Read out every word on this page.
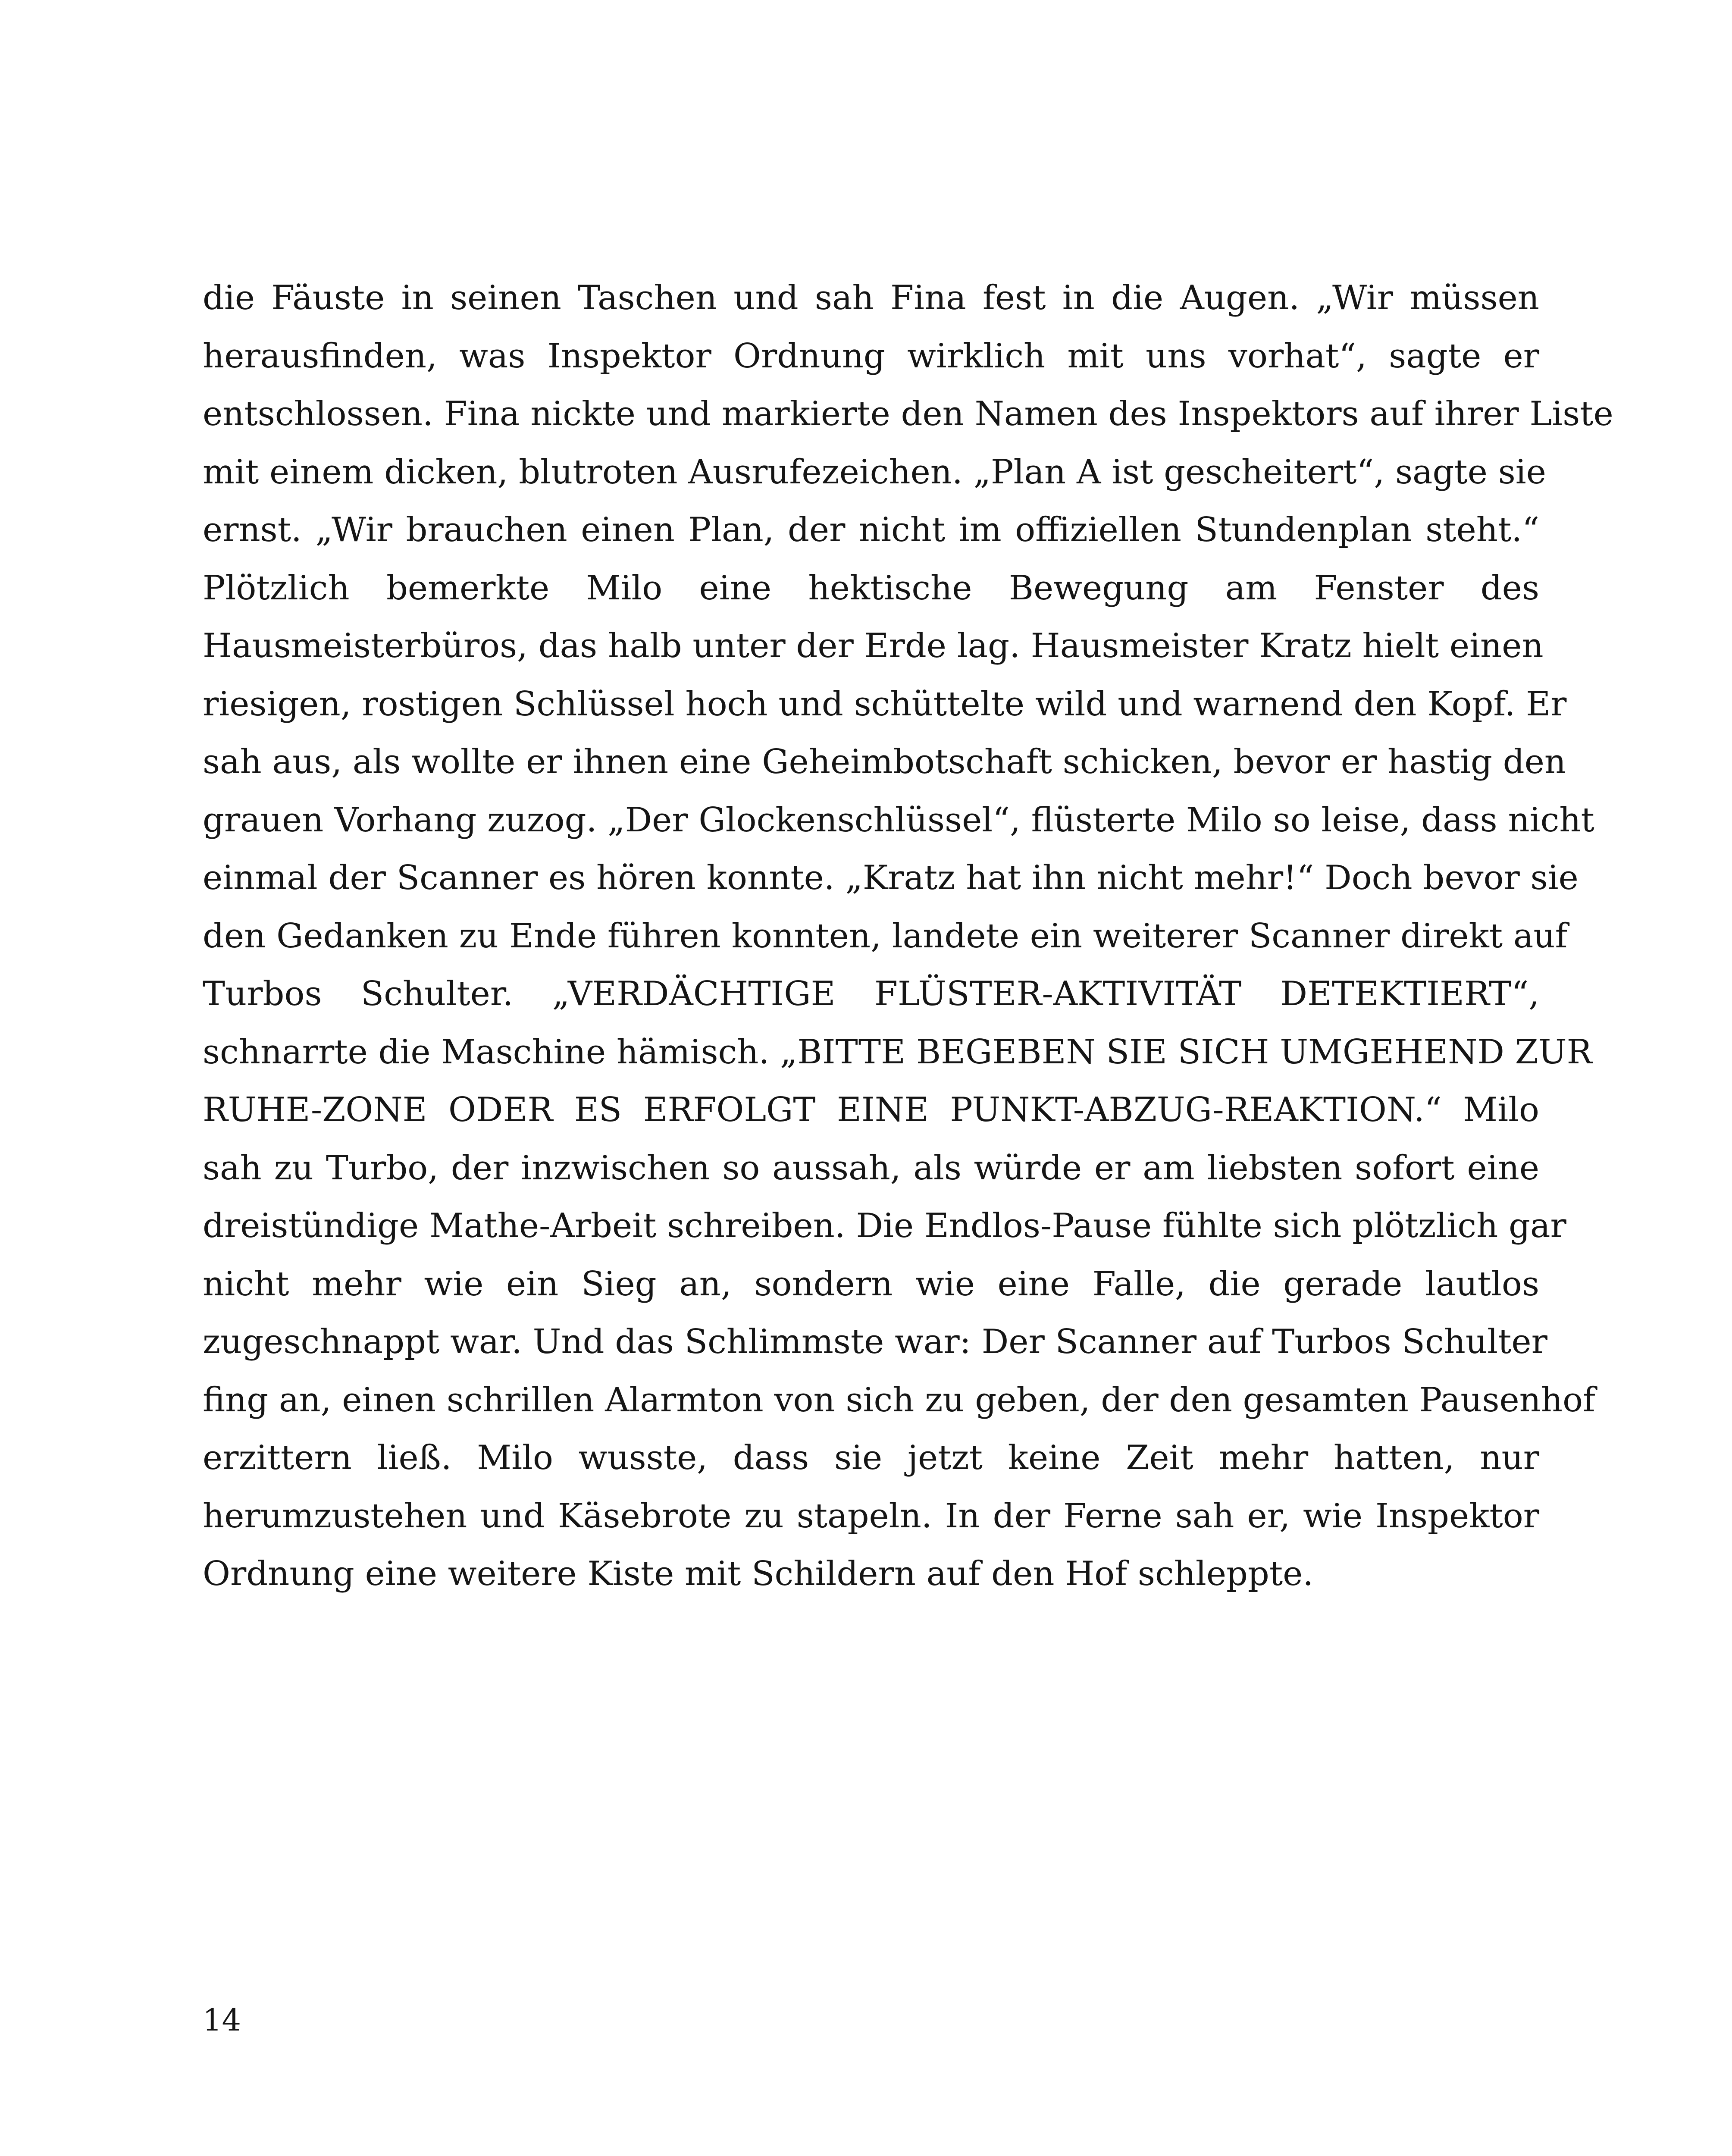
die Fäuste in seinen Taschen und sah Fina fest in die Augen. „Wir müssen
herausfinden, was Inspektor Ordnung wirklich mit uns vorhat“, sagte er
entschlossen. Fina nickte und markierte den Namen des Inspektors auf ihrer Liste
mit einem dicken, blutroten Ausrufezeichen. „Plan A ist gescheitert“, sagte sie
ernst. „Wir brauchen einen Plan, der nicht im offiziellen Stundenplan steht.“
Plötzlich bemerkte Milo eine hektische Bewegung am Fenster des
Hausmeisterbüros, das halb unter der Erde lag. Hausmeister Kratz hielt einen
riesigen, rostigen Schlüssel hoch und schüttelte wild und warnend den Kopf. Er
sah aus, als wollte er ihnen eine Geheimbotschaft schicken, bevor er hastig den
grauen Vorhang zuzog. „Der Glockenschlüssel“, flüsterte Milo so leise, dass nicht
einmal der Scanner es hören konnte. „Kratz hat ihn nicht mehr!“ Doch bevor sie
den Gedanken zu Ende führen konnten, landete ein weiterer Scanner direkt auf
Turbos Schulter. „VERDÄCHTIGE FLÜSTER-AKTIVITÄT DETEKTIERT“,
schnarrte die Maschine hämisch. „BITTE BEGEBEN SIE SICH UMGEHEND ZUR
RUHE-ZONE ODER ES ERFOLGT EINE PUNKT-ABZUG-REAKTION.“ Milo
sah zu Turbo, der inzwischen so aussah, als würde er am liebsten sofort eine
dreistündige Mathe-Arbeit schreiben. Die Endlos-Pause fühlte sich plötzlich gar
nicht mehr wie ein Sieg an, sondern wie eine Falle, die gerade lautlos
zugeschnappt war. Und das Schlimmste war: Der Scanner auf Turbos Schulter
fing an, einen schrillen Alarmton von sich zu geben, der den gesamten Pausenhof
erzittern ließ. Milo wusste, dass sie jetzt keine Zeit mehr hatten, nur
herumzustehen und Käsebrote zu stapeln. In der Ferne sah er, wie Inspektor
Ordnung eine weitere Kiste mit Schildern auf den Hof schleppte.
14
